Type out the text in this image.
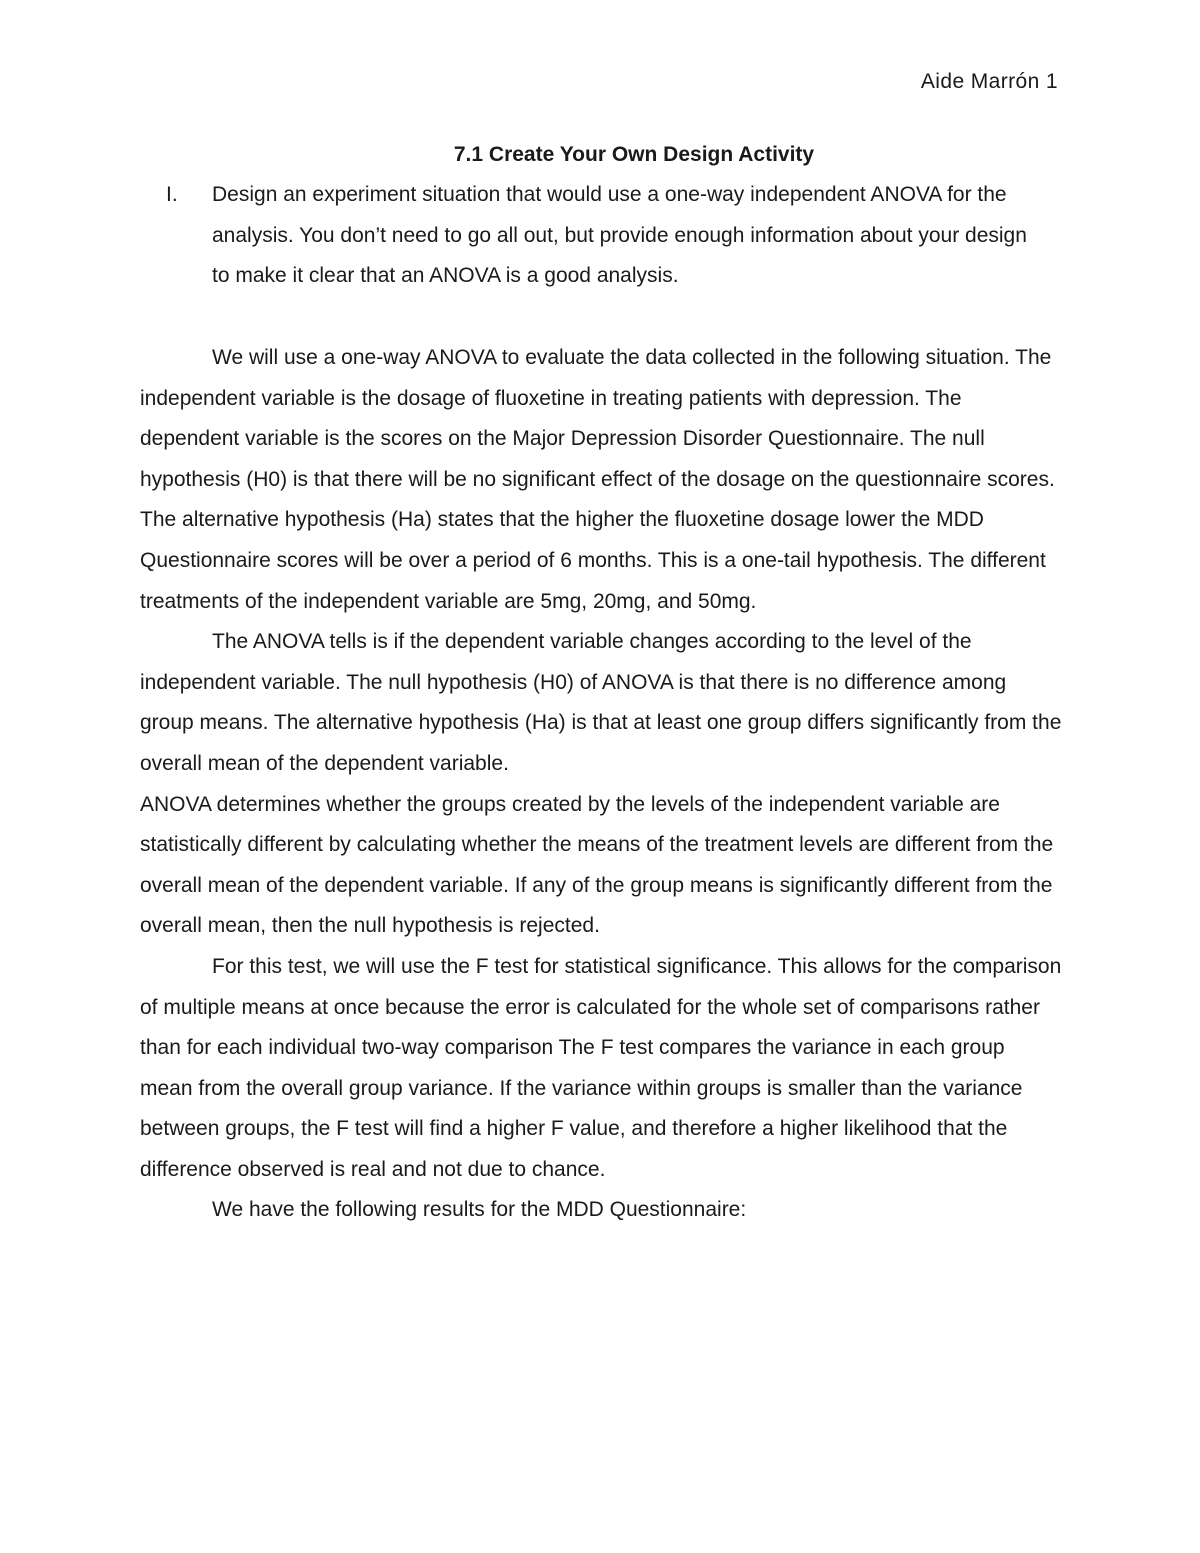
Aide Marrón 1
7.1 Create Your Own Design Activity
I. Design an experiment situation that would use a one-way independent ANOVA for the analysis. You don’t need to go all out, but provide enough information about your design to make it clear that an ANOVA is a good analysis.

We will use a one-way ANOVA to evaluate the data collected in the following situation. The independent variable is the dosage of fluoxetine in treating patients with depression. The dependent variable is the scores on the Major Depression Disorder Questionnaire. The null hypothesis (H0) is that there will be no significant effect of the dosage on the questionnaire scores. The alternative hypothesis (Ha) states that the higher the fluoxetine dosage lower the MDD Questionnaire scores will be over a period of 6 months. This is a one-tail hypothesis. The different treatments of the independent variable are 5mg, 20mg, and 50mg.

The ANOVA tells is if the dependent variable changes according to the level of the independent variable. The null hypothesis (H0) of ANOVA is that there is no difference among group means. The alternative hypothesis (Ha) is that at least one group differs significantly from the overall mean of the dependent variable.

ANOVA determines whether the groups created by the levels of the independent variable are statistically different by calculating whether the means of the treatment levels are different from the overall mean of the dependent variable. If any of the group means is significantly different from the overall mean, then the null hypothesis is rejected.

For this test, we will use the F test for statistical significance. This allows for the comparison of multiple means at once because the error is calculated for the whole set of comparisons rather than for each individual two-way comparison The F test compares the variance in each group mean from the overall group variance. If the variance within groups is smaller than the variance between groups, the F test will find a higher F value, and therefore a higher likelihood that the difference observed is real and not due to chance.

We have the following results for the MDD Questionnaire:
